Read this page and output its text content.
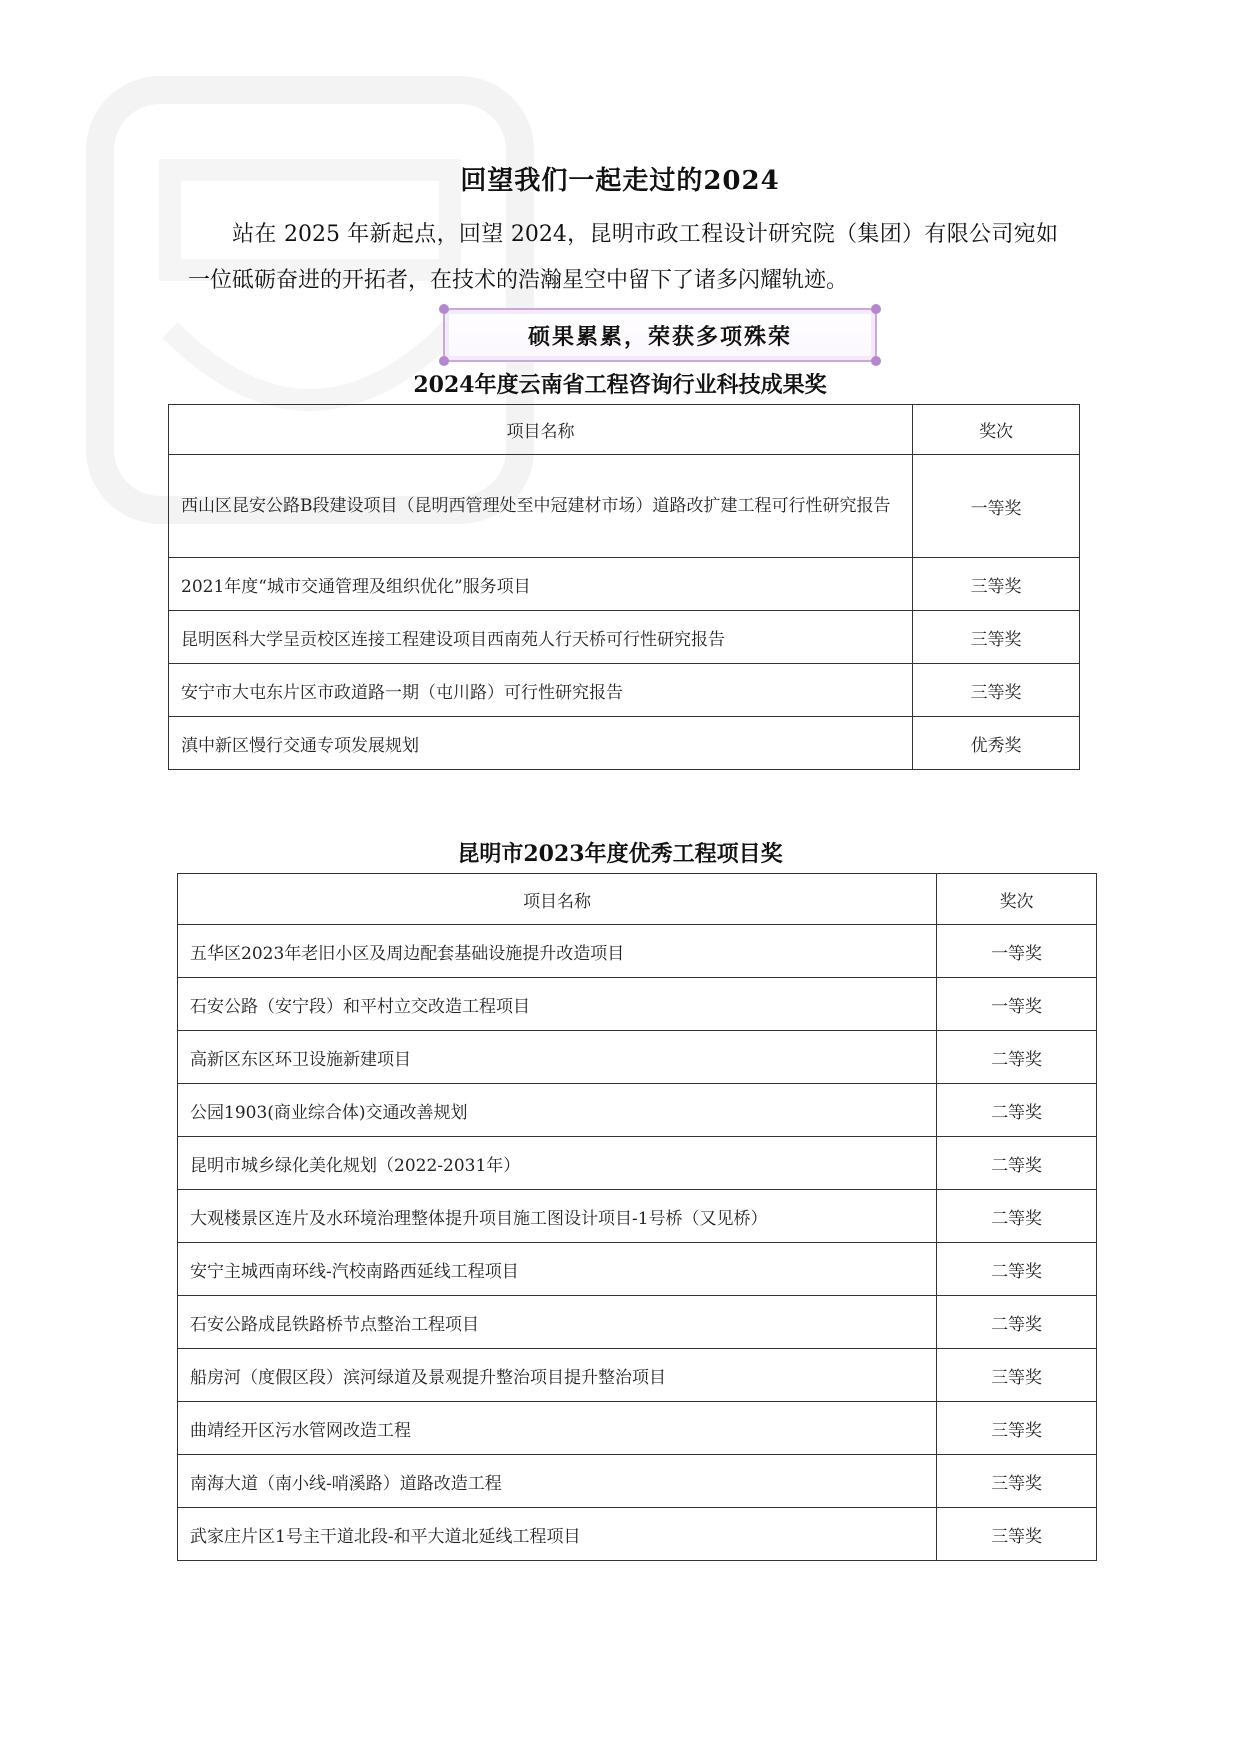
回望我们一起走过的2024
站在 2025 年新起点，回望 2024，昆明市政工程设计研究院（集团）有限公司宛如一位砥砺奋进的开拓者，在技术的浩瀚星空中留下了诸多闪耀轨迹。
硕果累累，荣获多项殊荣
2024年度云南省工程咨询行业科技成果奖
项目名称	奖次
西山区昆安公路B段建设项目（昆明西管理处至中冠建材市场）道路改扩建工程可行性研究报告	一等奖
2021年度“城市交通管理及组织优化”服务项目	三等奖
昆明医科大学呈贡校区连接工程建设项目西南苑人行天桥可行性研究报告	三等奖
安宁市大屯东片区市政道路一期（屯川路）可行性研究报告	三等奖
滇中新区慢行交通专项发展规划	优秀奖
昆明市2023年度优秀工程项目奖
项目名称	奖次
五华区2023年老旧小区及周边配套基础设施提升改造项目	一等奖
石安公路（安宁段）和平村立交改造工程项目	一等奖
高新区东区环卫设施新建项目	二等奖
公园1903(商业综合体)交通改善规划	二等奖
昆明市城乡绿化美化规划（2022-2031年）	二等奖
大观楼景区连片及水环境治理整体提升项目施工图设计项目-1号桥（又见桥）	二等奖
安宁主城西南环线-汽校南路西延线工程项目	二等奖
石安公路成昆铁路桥节点整治工程项目	二等奖
船房河（度假区段）滨河绿道及景观提升整治项目提升整治项目	三等奖
曲靖经开区污水管网改造工程	三等奖
南海大道（南小线-哨溪路）道路改造工程	三等奖
武家庄片区1号主干道北段-和平大道北延线工程项目	三等奖
